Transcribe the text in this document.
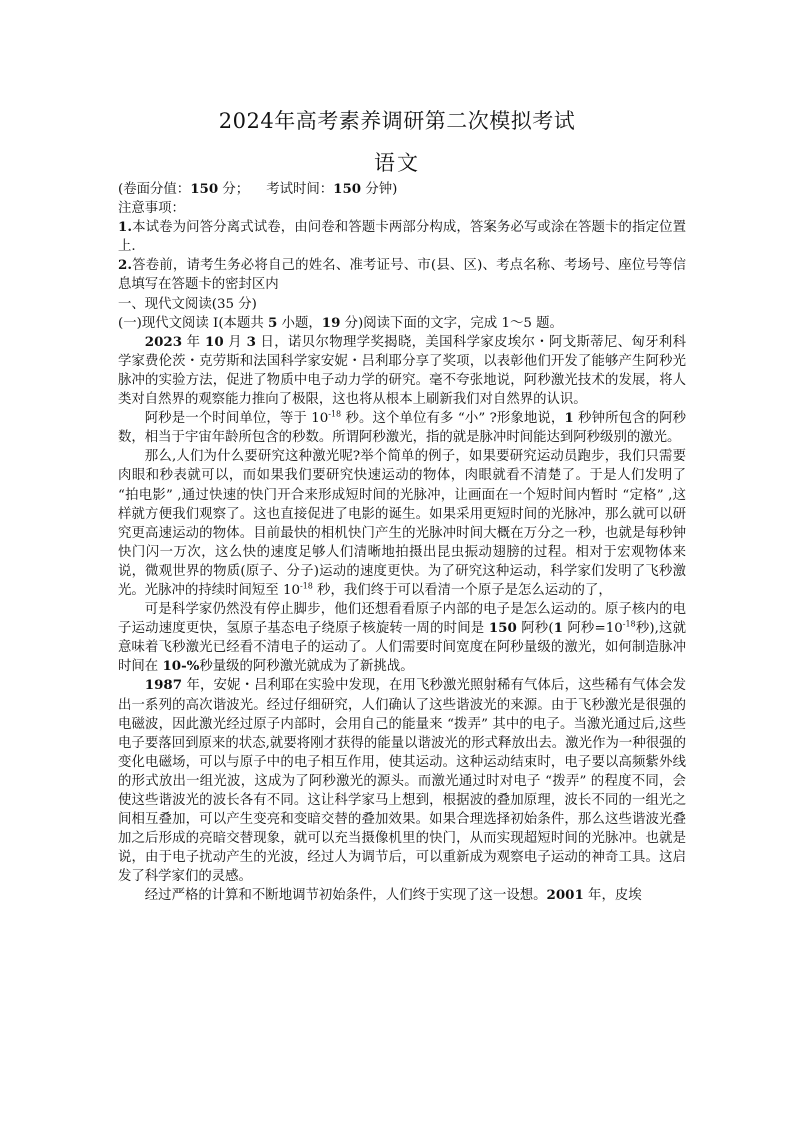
2024年高考素养调研第二次模拟考试
语文

(卷面分值：150 分；    考试时间：150 分钟)

注意事项：

1.本试卷为问答分离式试卷，由问卷和答题卡两部分构成，答案务必写或涂在答题卡的指定位置上.

2.答卷前，请考生务必将自己的姓名、准考证号、市(县、区)、考点名称、考场号、座位号等信息填写在答题卡的密封区内

一、现代文阅读(35 分)

(一)现代文阅读 Ⅰ(本题共 5 小题，19 分)阅读下面的文字，完成 1～5 题。

2023 年 10 月 3 日，诺贝尔物理学奖揭晓，美国科学家皮埃尔・阿戈斯蒂尼、匈牙利科学家费伦茨・克劳斯和法国科学家安妮・吕利耶分享了奖项，以表彰他们开发了能够产生阿秒光脉冲的实验方法，促进了物质中电子动力学的研究。毫不夸张地说，阿秒激光技术的发展，将人类对自然界的观察能力推向了极限，这也将从根本上刷新我们对自然界的认识。

阿秒是一个时间单位，等于 $10^{-18}$ 秒。这个单位有多 “小” ?形象地说，1 秒钟所包含的阿秒数，相当于宇宙年龄所包含的秒数。所谓阿秒激光，指的就是脉冲时间能达到阿秒级别的激光。

那么,人们为什么要研究这种激光呢?举个简单的例子，如果要研究运动员跑步，我们只需要肉眼和秒表就可以，而如果我们要研究快速运动的物体，肉眼就看不清楚了。于是人们发明了 “拍电影” ,通过快速的快门开合来形成短时间的光脉冲，让画面在一个短时间内暂时 “定格” ,这样就方便我们观察了。这也直接促进了电影的诞生。如果采用更短时间的光脉冲，那么就可以研究更高速运动的物体。目前最快的相机快门产生的光脉冲时间大概在万分之一秒，也就是每秒钟快门闪一万次，这么快的速度足够人们清晰地拍摄出昆虫振动翅膀的过程。相对于宏观物体来说，微观世界的物质(原子、分子)运动的速度更快。为了研究这种运动，科学家们发明了飞秒激光。光脉冲的持续时间短至 $10^{-18}$ 秒，我们终于可以看清一个原子是怎么运动的了，

可是科学家仍然没有停止脚步，他们还想看看原子内部的电子是怎么运动的。原子核内的电子运动速度更快，氢原子基态电子绕原子核旋转一周的时间是 150 阿秒(1 阿秒$=10^{-18}$秒),这就意味着飞秒激光已经看不清电子的运动了。人们需要时间宽度在阿秒量级的激光，如何制造脉冲时间在 10-%秒量级的阿秒激光就成为了新挑战。

1987 年，安妮・吕利耶在实验中发现，在用飞秒激光照射稀有气体后，这些稀有气体会发出一系列的高次谐波光。经过仔细研究，人们确认了这些谐波光的来源。由于飞秒激光是很强的电磁波，因此激光经过原子内部时，会用自己的能量来 “拨弄” 其中的电子。当激光通过后,这些电子要落回到原来的状态,就要将刚才获得的能量以谐波光的形式释放出去。激光作为一种很强的变化电磁场，可以与原子中的电子相互作用，使其运动。这种运动结束时，电子要以高频紫外线的形式放出一组光波，这成为了阿秒激光的源头。而激光通过时对电子 “拨弄” 的程度不同，会使这些谐波光的波长各有不同。这让科学家马上想到，根据波的叠加原理，波长不同的一组光之间相互叠加，可以产生变亮和变暗交替的叠加效果。如果合理选择初始条件，那么这些谐波光叠加之后形成的亮暗交替现象，就可以充当摄像机里的快门，从而实现超短时间的光脉冲。也就是说，由于电子扰动产生的光波，经过人为调节后，可以重新成为观察电子运动的神奇工具。这启发了科学家们的灵感。

经过严格的计算和不断地调节初始条件，人们终于实现了这一设想。2001 年，皮埃
